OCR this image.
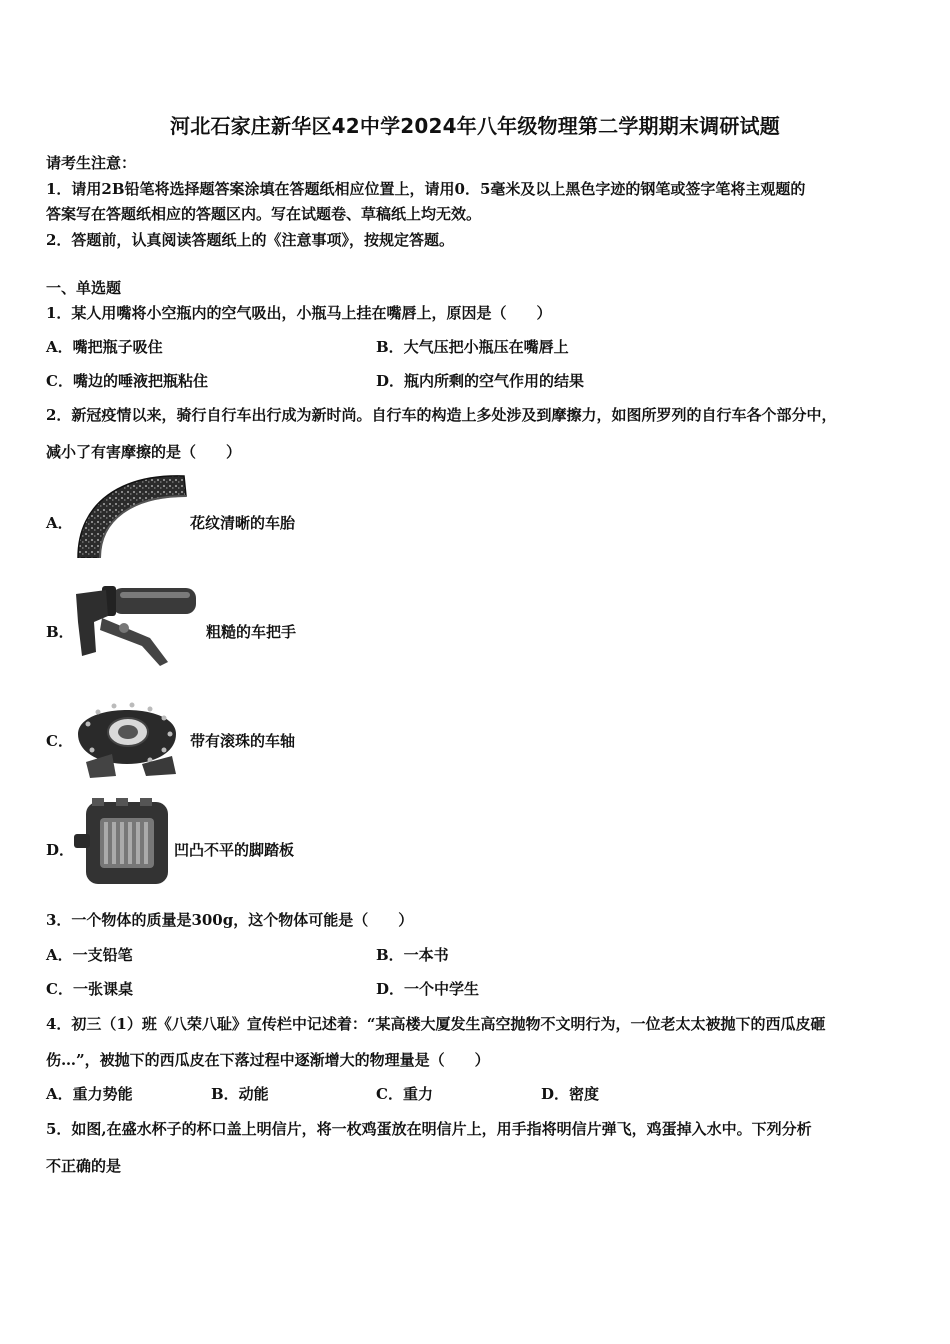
河北石家庄新华区42中学2024年八年级物理第二学期期末调研试题
请考生注意：
1．请用2B铅笔将选择题答案涂填在答题纸相应位置上，请用0．5毫米及以上黑色字迹的钢笔或签字笔将主观题的
答案写在答题纸相应的答题区内。写在试题卷、草稿纸上均无效。
2．答题前，认真阅读答题纸上的《注意事项》，按规定答题。
一、单选题
1．某人用嘴将小空瓶内的空气吸出，小瓶马上挂在嘴唇上，原因是（　　）
A．嘴把瓶子吸住	B．大气压把小瓶压在嘴唇上
C．嘴边的唾液把瓶粘住	D．瓶内所剩的空气作用的结果
2．新冠疫情以来，骑行自行车出行成为新时尚。自行车的构造上多处涉及到摩擦力，如图所罗列的自行车各个部分中，
减小了有害摩擦的是（　　）
A．	花纹清晰的车胎
B．	粗糙的车把手
C．	带有滚珠的车轴
D．	凹凸不平的脚踏板
3．一个物体的质量是300g，这个物体可能是（　　）
A．一支铅笔	B．一本书
C．一张课桌	D．一个中学生
4．初三（1）班《八荣八耻》宣传栏中记述着：“某高楼大厦发生高空抛物不文明行为，一位老太太被抛下的西瓜皮砸
伤…”，被抛下的西瓜皮在下落过程中逐渐增大的物理量是（　　）
A．重力势能	B．动能	C．重力	D．密度
5．如图,在盛水杯子的杯口盖上明信片，将一枚鸡蛋放在明信片上，用手指将明信片弹飞，鸡蛋掉入水中。下列分析
不正确的是
